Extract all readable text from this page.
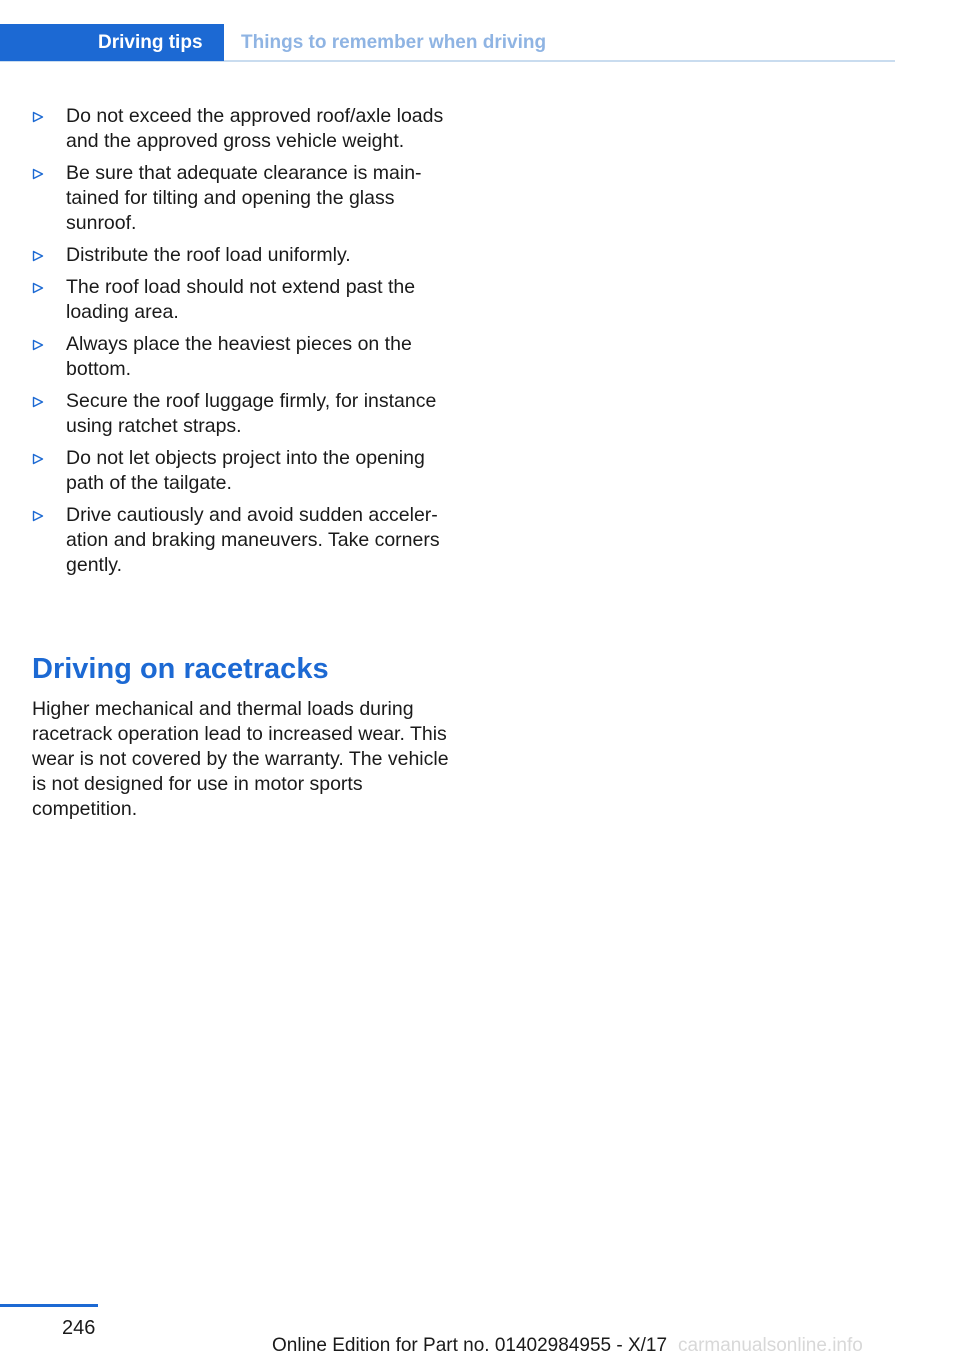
Driving tips	Things to remember when driving
Do not exceed the approved roof/axle loads and the approved gross vehicle weight.
Be sure that adequate clearance is main‐tained for tilting and opening the glass sunroof.
Distribute the roof load uniformly.
The roof load should not extend past the loading area.
Always place the heaviest pieces on the bottom.
Secure the roof luggage firmly, for instance using ratchet straps.
Do not let objects project into the opening path of the tailgate.
Drive cautiously and avoid sudden acceler‐ation and braking maneuvers. Take corners gently.
Driving on racetracks

Higher mechanical and thermal loads during racetrack operation lead to increased wear. This wear is not covered by the warranty. The vehicle is not designed for use in motor sports competition.

246
Online Edition for Part no. 01402984955 - X/17 carmanualsonline.info
